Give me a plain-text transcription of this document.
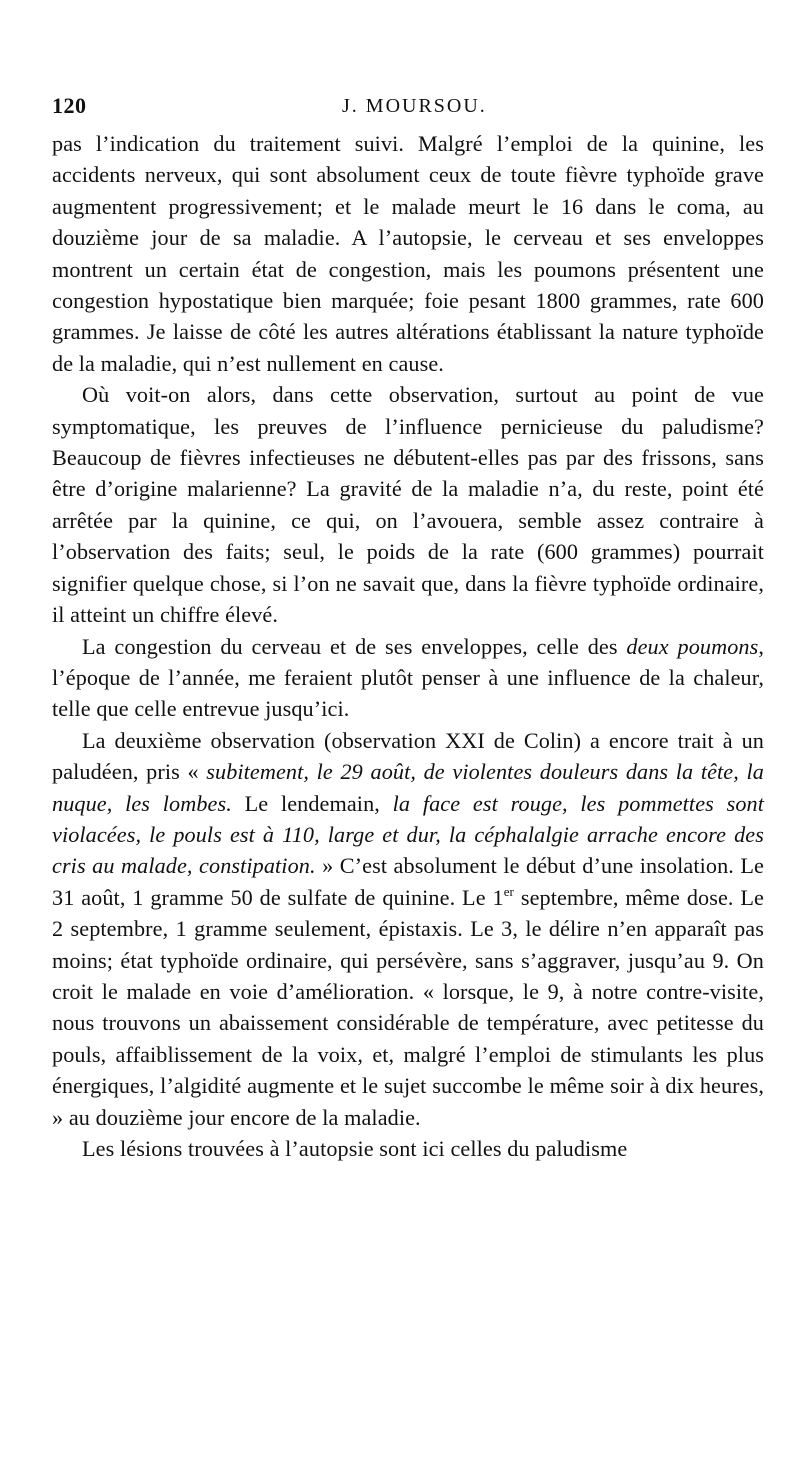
120	J. MOURSOU.

pas l’indication du traitement suivi. Malgré l’emploi de la quinine, les accidents nerveux, qui sont absolument ceux de toute fièvre typhoïde grave augmentent progressivement; et le malade meurt le 16 dans le coma, au douzième jour de sa maladie. A l’autopsie, le cerveau et ses enveloppes montrent un certain état de congestion, mais les poumons présentent une congestion hypostatique bien marquée; foie pesant 1800 grammes, rate 600 grammes. Je laisse de côté les autres altérations établissant la nature typhoïde de la maladie, qui n’est nullement en cause.

Où voit-on alors, dans cette observation, surtout au point de vue symptomatique, les preuves de l’influence pernicieuse du paludisme? Beaucoup de fièvres infectieuses ne débutent-elles pas par des frissons, sans être d’origine malarienne? La gravité de la maladie n’a, du reste, point été arrêtée par la quinine, ce qui, on l’avouera, semble assez contraire à l’observation des faits; seul, le poids de la rate (600 grammes) pourrait signifier quelque chose, si l’on ne savait que, dans la fièvre typhoïde ordinaire, il atteint un chiffre élevé.

La congestion du cerveau et de ses enveloppes, celle des deux poumons, l’époque de l’année, me feraient plutôt penser à une influence de la chaleur, telle que celle entrevue jusqu’ici.

La deuxième observation (observation XXI de Colin) a encore trait à un paludéen, pris « subitement, le 29 août, de violentes douleurs dans la tête, la nuque, les lombes. Le lendemain, la face est rouge, les pommettes sont violacées, le pouls est à 110, large et dur, la céphalalgie arrache encore des cris au malade, constipation. » C’est absolument le début d’une insolation. Le 31 août, 1 gramme 50 de sulfate de quinine. Le 1er septembre, même dose. Le 2 septembre, 1 gramme seulement, épistaxis. Le 3, le délire n’en apparaît pas moins; état typhoïde ordinaire, qui persévère, sans s’aggraver, jusqu’au 9. On croit le malade en voie d’amélioration. « lorsque, le 9, à notre contre-visite, nous trouvons un abaissement considérable de température, avec petitesse du pouls, affaiblissement de la voix, et, malgré l’emploi de stimulants les plus énergiques, l’algidité augmente et le sujet succombe le même soir à dix heures, » au douzième jour encore de la maladie.

Les lésions trouvées à l’autopsie sont ici celles du paludisme
